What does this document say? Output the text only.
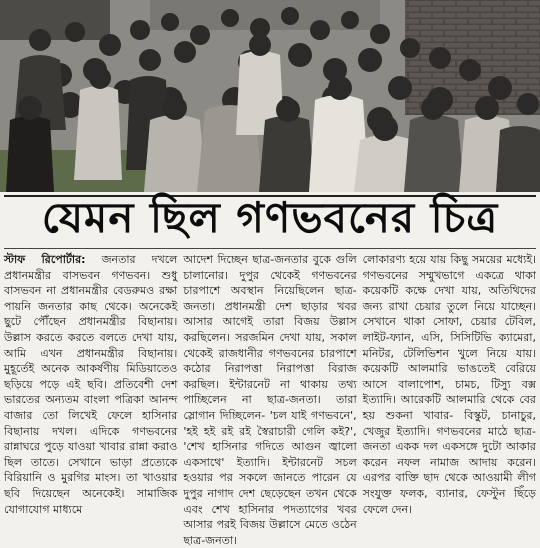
যেমন ছিল গণভবনের চিত্র

স্টাফ রিপোর্টার: জনতার দখলে প্রধানমন্ত্রীর বাসভবন গণভবন। শুধু বাসভবন না প্রধানমন্ত্রীর বেডরুমও রক্ষা পায়নি জনতার কাছ থেকে। অনেকেই ছুটে পৌঁছেন প্রধানমন্ত্রীর বিছানায়। উল্লাস করতে করতে বলতে দেখা যায়, আমি এখন প্রধানমন্ত্রীর বিছানায়। মুহূর্তেই অনেক আকর্ষণীয় মিডিয়াতেও ছড়িয়ে পড়ে এই ছবি। প্রতিবেশী দেশ ভারতের অন্যতম বাংলা পত্রিকা আনন্দ বাজার তো লিখেই ফেলে হাসিনার বিছানায় দখল। এদিকে গণভবনের রান্নাঘরে পুড়ে যাওয়া খাবার রান্না করাও ছিল তাতে। সেখানে ভাড়া প্রত্যেকে বিরিয়ানি ও মুরগির মাংস। তা খাওয়ার ছবি দিয়েছেন অনেকেই। সামাজিক যোগাযোগ মাধ্যমে

আদেশ দিচ্ছেন ছাত্র-জনতার বুকে গুলি চালানোর। দুপুর থেকেই গণভবনের চারপাশে অবস্থান নিয়েছিলেন ছাত্র-জনতা। প্রধানমন্ত্রী দেশ ছাড়ার খবর আসার আগেই তারা বিজয় উল্লাস করছিলেন। সরজমিন দেখা যায়, সকাল থেকেই রাজধানীর গণভবনের চারপাশে কঠোর নিরাপত্তা নিরাপত্তা বিরাজ করছিল। ইন্টারনেট না থাকায় তথ্য পাচ্ছিলেন না ছাত্র-জনতা। তারা স্লোগান দিচ্ছিলেন- 'চল যাই গণভবনে', 'হই হই রই রই স্বৈরাচারী গেলি কই?', 'শেখ হাসিনার গদিতে আগুন জ্বালো একসাথে' ইত্যাদি। ইন্টারনেট সচল হওয়ার পর সকলে জানতে পারেন যে দুপুর নাগাদ দেশ ছেড়েছেন তখন থেকে এবং শেখ হাসিনার পদত্যাগের খবর আসার পরই বিজয় উল্লাসে মেতে ওঠেন ছাত্র-জনতা।

লোকারণ্য হয়ে যায় কিছু সময়ের মধ্যেই। গণভবনের সম্মুখভাগে একত্রে থাকা কয়েকটি কক্ষে দেখা যায়, অতিথিদের জন্য রাখা চেয়ার তুলে নিয়ে যাচ্ছেন। সেখানে থাকা সোফা, চেয়ার টেবিল, লাইট-ফ্যান, এসি, সিসিটিভি ক্যামেরা, মনিটর, টেলিভিশন খুলে নিয়ে যায়। কয়েকটি আলমারি ভাঙতেই বেরিয়ে আসে বালাপোশ, চামচ, টিস্যু বক্স ইত্যাদি। আরেকটি আলমারি থেকে বের হয় শুকনা খাবার- বিস্কুট, চানাচুর, খেজুর ইত্যাদি। গণভবনের মাঠে ছাত্র-জনতা একক দল একসঙ্গে দুটো আকার করেন নফল নামাজ আদায় করেন। এরপর বাক্তি ছাদ থেকে আওয়ামী লীগ সংযুক্ত ফলক, ব্যানার, ফেস্টুন ছিঁড়ে ফেলে দেন।
